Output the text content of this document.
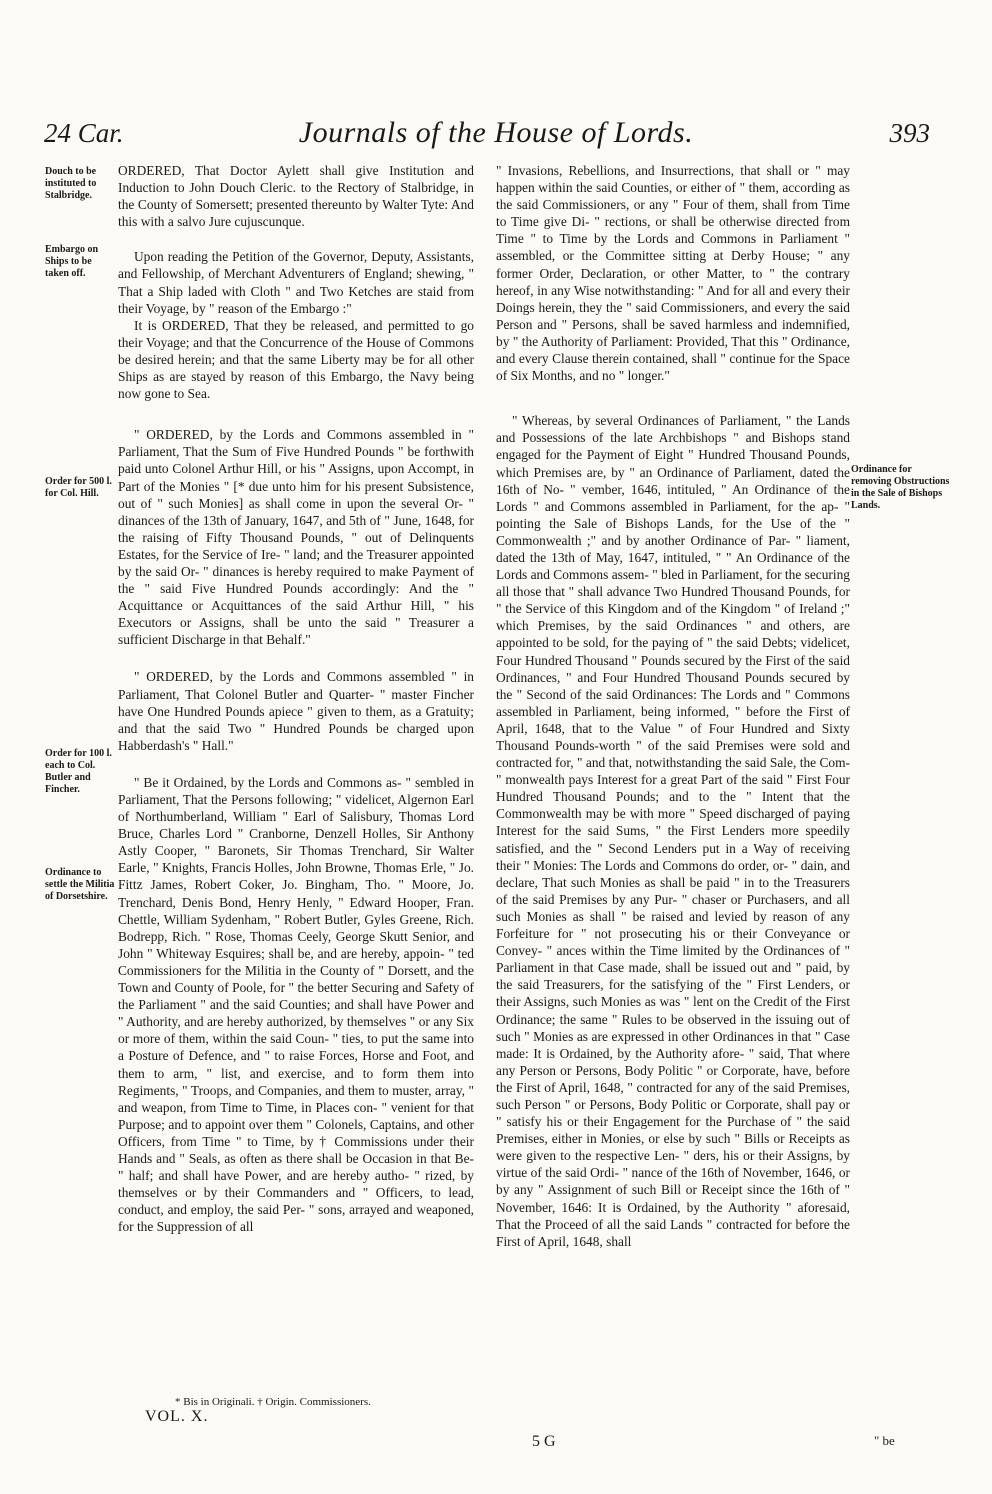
24 Car.	Journals of the House of Lords.	393
Douch to be instituted to Stalbridge.
Embargo on Ships to be taken off.
Order for 500 l. for Col. Hill.
Order for 100 l. each to Col. Butler and Fincher.
Ordinance to settle the Militia of Dorsetshire.
Ordinance for removing Obstructions in the Sale of Bishops Lands.

ORDERED, That Doctor Aylett shall give Institution and Induction to John Douch Cleric. to the Rectory of Stalbridge, in the County of Somersett; presented thereunto by Walter Tyte: And this with a salvo Jure cujuscunque.

Upon reading the Petition of the Governor, Deputy, Assistants, and Fellowship, of Merchant Adventurers of England; shewing, " That a Ship laded with Cloth " and Two Ketches are staid from their Voyage, by " reason of the Embargo :"

It is ORDERED, That they be released, and permitted to go their Voyage; and that the Concurrence of the House of Commons be desired herein; and that the same Liberty may be for all other Ships as are stayed by reason of this Embargo, the Navy being now gone to Sea.

" ORDERED, by the Lords and Commons assembled in " Parliament, That the Sum of Five Hundred Pounds " be forthwith paid unto Colonel Arthur Hill, or his " Assigns, upon Accompt, in Part of the Monies " [* due unto him for his present Subsistence, out of " such Monies] as shall come in upon the several Or- " dinances of the 13th of January, 1647, and 5th of " June, 1648, for the raising of Fifty Thousand Pounds, " out of Delinquents Estates, for the Service of Ire- " land; and the Treasurer appointed by the said Or- " dinances is hereby required to make Payment of the " said Five Hundred Pounds accordingly: And the " Acquittance or Acquittances of the said Arthur Hill, " his Executors or Assigns, shall be unto the said " Treasurer a sufficient Discharge in that Behalf."

" ORDERED, by the Lords and Commons assembled " in Parliament, That Colonel Butler and Quarter- " master Fincher have One Hundred Pounds apiece " given to them, as a Gratuity; and that the said Two " Hundred Pounds be charged upon Habberdash's " Hall."

" Be it Ordained, by the Lords and Commons as- " sembled in Parliament, That the Persons following; " videlicet, Algernon Earl of Northumberland, William " Earl of Salisbury, Thomas Lord Bruce, Charles Lord " Cranborne, Denzell Holles, Sir Anthony Astly Cooper, " Baronets, Sir Thomas Trenchard, Sir Walter Earle, " Knights, Francis Holles, John Browne, Thomas Erle, " Jo. Fittz James, Robert Coker, Jo. Bingham, Tho. " Moore, Jo. Trenchard, Denis Bond, Henry Henly, " Edward Hooper, Fran. Chettle, William Sydenham, " Robert Butler, Gyles Greene, Rich. Bodrepp, Rich. " Rose, Thomas Ceely, George Skutt Senior, and John " Whiteway Esquires; shall be, and are hereby, appoin- " ted Commissioners for the Militia in the County of " Dorsett, and the Town and County of Poole, for " the better Securing and Safety of the Parliament " and the said Counties; and shall have Power and " Authority, and are hereby authorized, by themselves " or any Six or more of them, within the said Coun- " ties, to put the same into a Posture of Defence, and " to raise Forces, Horse and Foot, and them to arm, " list, and exercise, and to form them into Regiments, " Troops, and Companies, and them to muster, array, " and weapon, from Time to Time, in Places con- " venient for that Purpose; and to appoint over them " Colonels, Captains, and other Officers, from Time " to Time, by † Commissions under their Hands and " Seals, as often as there shall be Occasion in that Be- " half; and shall have Power, and are hereby autho- " rized, by themselves or by their Commanders and " Officers, to lead, conduct, and employ, the said Per- " sons, arrayed and weaponed, for the Suppression of all

" Invasions, Rebellions, and Insurrections, that shall or " may happen within the said Counties, or either of " them, according as the said Commissioners, or any " Four of them, shall from Time to Time give Di- " rections, or shall be otherwise directed from Time " to Time by the Lords and Commons in Parliament " assembled, or the Committee sitting at Derby House; " any former Order, Declaration, or other Matter, to " the contrary hereof, in any Wise notwithstanding: " And for all and every their Doings herein, they the " said Commissioners, and every the said Person and " Persons, shall be saved harmless and indemnified, by " the Authority of Parliament: Provided, That this " Ordinance, and every Clause therein contained, shall " continue for the Space of Six Months, and no " longer."

" Whereas, by several Ordinances of Parliament, " the Lands and Possessions of the late Archbishops " and Bishops stand engaged for the Payment of Eight " Hundred Thousand Pounds, which Premises are, by " an Ordinance of Parliament, dated the 16th of No- " vember, 1646, intituled, " An Ordinance of the Lords " and Commons assembled in Parliament, for the ap- " pointing the Sale of Bishops Lands, for the Use of the " Commonwealth ;" and by another Ordinance of Par- " liament, dated the 13th of May, 1647, intituled, " " An Ordinance of the Lords and Commons assem- " bled in Parliament, for the securing all those that " shall advance Two Hundred Thousand Pounds, for " the Service of this Kingdom and of the Kingdom " of Ireland ;" which Premises, by the said Ordinances " and others, are appointed to be sold, for the paying of " the said Debts; videlicet, Four Hundred Thousand " Pounds secured by the First of the said Ordinances, " and Four Hundred Thousand Pounds secured by the " Second of the said Ordinances: The Lords and " Commons assembled in Parliament, being informed, " before the First of April, 1648, that to the Value " of Four Hundred and Sixty Thousand Pounds-worth " of the said Premises were sold and contracted for, " and that, notwithstanding the said Sale, the Com- " monwealth pays Interest for a great Part of the said " First Four Hundred Thousand Pounds; and to the " Intent that the Commonwealth may be with more " Speed discharged of paying Interest for the said Sums, " the First Lenders more speedily satisfied, and the " Second Lenders put in a Way of receiving their " Monies: The Lords and Commons do order, or- " dain, and declare, That such Monies as shall be paid " in to the Treasurers of the said Premises by any Pur- " chaser or Purchasers, and all such Monies as shall " be raised and levied by reason of any Forfeiture for " not prosecuting his or their Conveyance or Convey- " ances within the Time limited by the Ordinances of " Parliament in that Case made, shall be issued out and " paid, by the said Treasurers, for the satisfying of the " First Lenders, or their Assigns, such Monies as was " lent on the Credit of the First Ordinance; the same " Rules to be observed in the issuing out of such " Monies as are expressed in other Ordinances in that " Case made: It is Ordained, by the Authority afore- " said, That where any Person or Persons, Body Politic " or Corporate, have, before the First of April, 1648, " contracted for any of the said Premises, such Person " or Persons, Body Politic or Corporate, shall pay or " satisfy his or their Engagement for the Purchase of " the said Premises, either in Monies, or else by such " Bills or Receipts as were given to the respective Len- " ders, his or their Assigns, by virtue of the said Ordi- " nance of the 16th of November, 1646, or by any " Assignment of such Bill or Receipt since the 16th of " November, 1646: It is Ordained, by the Authority " aforesaid, That the Proceed of all the said Lands " contracted for before the First of April, 1648, shall

* Bis in Originali. † Origin. Commissioners.
VOL. X.
5 G	" be
